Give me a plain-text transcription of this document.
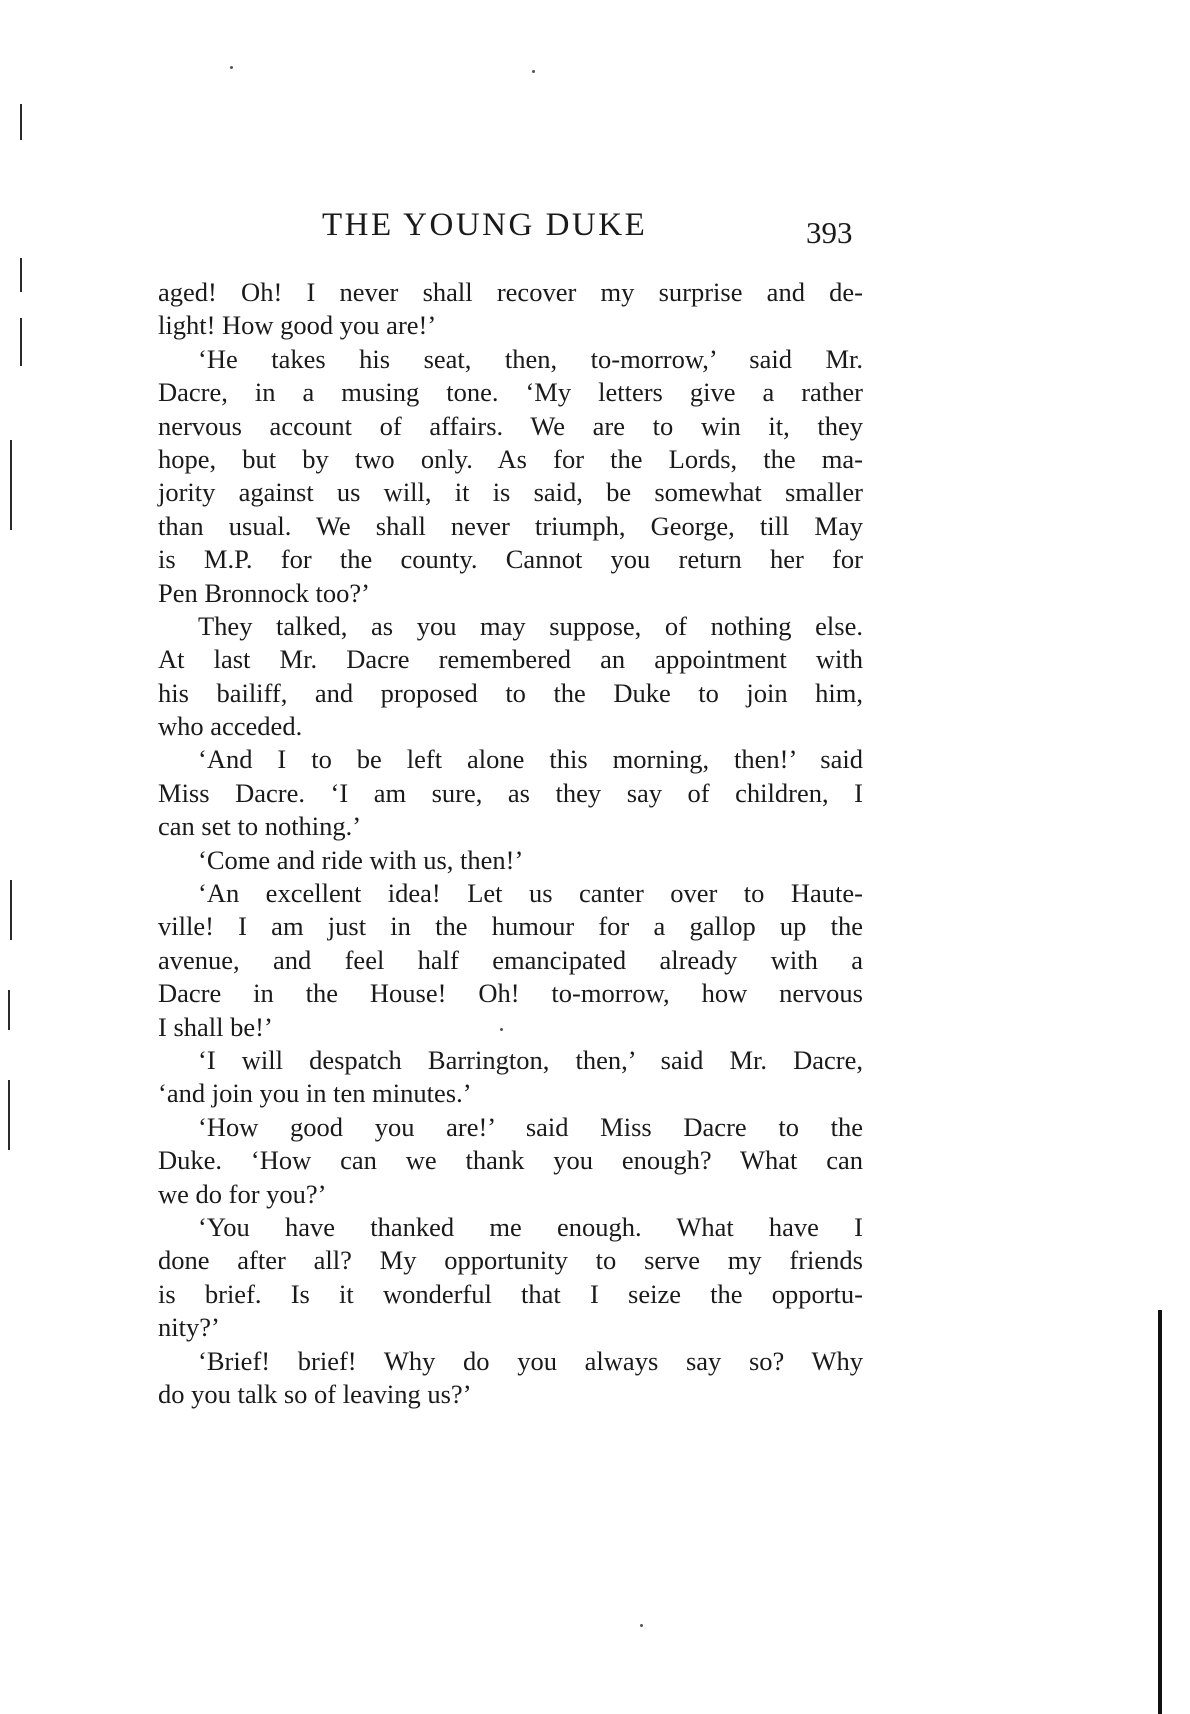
THE YOUNG DUKE	393
aged! Oh! I never shall recover my surprise and de-
light! How good you are!’
‘He takes his seat, then, to-morrow,’ said Mr.
Dacre, in a musing tone. ‘My letters give a rather
nervous account of affairs. We are to win it, they
hope, but by two only. As for the Lords, the ma-
jority against us will, it is said, be somewhat smaller
than usual. We shall never triumph, George, till May
is M.P. for the county. Cannot you return her for
Pen Bronnock too?’
They talked, as you may suppose, of nothing else.
At last Mr. Dacre remembered an appointment with
his bailiff, and proposed to the Duke to join him,
who acceded.
‘And I to be left alone this morning, then!’ said
Miss Dacre. ‘I am sure, as they say of children, I
can set to nothing.’
‘Come and ride with us, then!’
‘An excellent idea! Let us canter over to Haute-
ville! I am just in the humour for a gallop up the
avenue, and feel half emancipated already with a
Dacre in the House! Oh! to-morrow, how nervous
I shall be!’
‘I will despatch Barrington, then,’ said Mr. Dacre,
‘and join you in ten minutes.’
‘How good you are!’ said Miss Dacre to the
Duke. ‘How can we thank you enough? What can
we do for you?’
‘You have thanked me enough. What have I
done after all? My opportunity to serve my friends
is brief. Is it wonderful that I seize the opportu-
nity?’
‘Brief! brief! Why do you always say so? Why
do you talk so of leaving us?’
